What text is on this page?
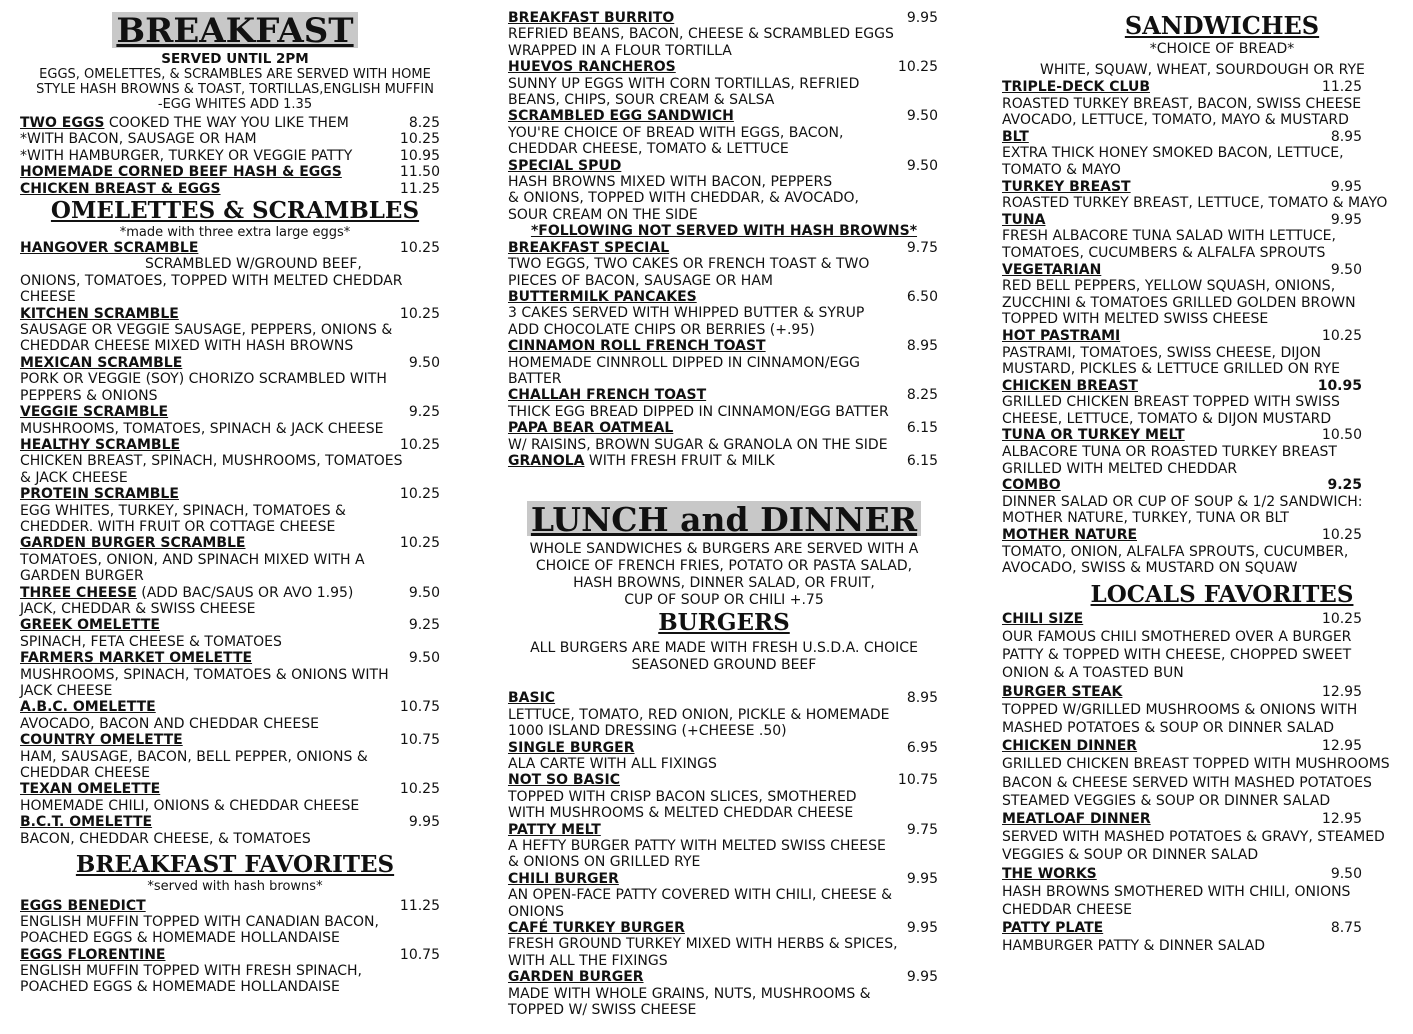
BREAKFAST

SERVED UNTIL 2PM

EGGS, OMELETTES, & SCRAMBLES ARE SERVED WITH HOME

STYLE HASH BROWNS & TOAST, TORTILLAS,ENGLISH MUFFIN

-EGG WHITES ADD 1.35

TWO EGGS COOKED THE WAY YOU LIKE THEM	8.25
*WITH BACON, SAUSAGE OR HAM	10.25
*WITH HAMBURGER, TURKEY OR VEGGIE PATTY	10.95
HOMEMADE CORNED BEEF HASH & EGGS	11.50
CHICKEN BREAST & EGGS	11.25
OMELETTES & SCRAMBLES

*made with three extra large eggs*

HANGOVER SCRAMBLE	10.25
SCRAMBLED W/GROUND BEEF,
ONIONS, TOMATOES, TOPPED WITH MELTED CHEDDAR
CHEESE
KITCHEN SCRAMBLE	10.25
SAUSAGE OR VEGGIE SAUSAGE, PEPPERS, ONIONS &
CHEDDAR CHEESE MIXED WITH HASH BROWNS
MEXICAN SCRAMBLE	9.50
PORK OR VEGGIE (SOY) CHORIZO SCRAMBLED WITH
PEPPERS & ONIONS
VEGGIE SCRAMBLE	9.25
MUSHROOMS, TOMATOES, SPINACH & JACK CHEESE
HEALTHY SCRAMBLE	10.25
CHICKEN BREAST, SPINACH, MUSHROOMS, TOMATOES
& JACK CHEESE
PROTEIN SCRAMBLE	10.25
EGG WHITES, TURKEY, SPINACH, TOMATOES &
CHEDDER. WITH FRUIT OR COTTAGE CHEESE
GARDEN BURGER SCRAMBLE	10.25
TOMATOES, ONION, AND SPINACH MIXED WITH A
GARDEN BURGER
THREE CHEESE (ADD BAC/SAUS OR AVO 1.95)	9.50
JACK, CHEDDAR & SWISS CHEESE
GREEK OMELETTE	9.25
SPINACH, FETA CHEESE & TOMATOES
FARMERS MARKET OMELETTE	9.50
MUSHROOMS, SPINACH, TOMATOES & ONIONS WITH
JACK CHEESE
A.B.C. OMELETTE	10.75
AVOCADO, BACON AND CHEDDAR CHEESE
COUNTRY OMELETTE	10.75
HAM, SAUSAGE, BACON, BELL PEPPER, ONIONS &
CHEDDAR CHEESE
TEXAN OMELETTE	10.25
HOMEMADE CHILI, ONIONS & CHEDDAR CHEESE
B.C.T. OMELETTE	9.95
BACON, CHEDDAR CHEESE, & TOMATOES
BREAKFAST FAVORITES

*served with hash browns*

EGGS BENEDICT	11.25
ENGLISH MUFFIN TOPPED WITH CANADIAN BACON,
POACHED EGGS & HOMEMADE HOLLANDAISE
EGGS FLORENTINE	10.75
ENGLISH MUFFIN TOPPED WITH FRESH SPINACH,
POACHED EGGS & HOMEMADE HOLLANDAISE
BREAKFAST BURRITO	9.95
REFRIED BEANS, BACON, CHEESE & SCRAMBLED EGGS
WRAPPED IN A FLOUR TORTILLA
HUEVOS RANCHEROS	10.25
SUNNY UP EGGS WITH CORN TORTILLAS, REFRIED
BEANS, CHIPS, SOUR CREAM & SALSA
SCRAMBLED EGG SANDWICH	9.50
YOU'RE CHOICE OF BREAD WITH EGGS, BACON,
CHEDDAR CHEESE, TOMATO & LETTUCE
SPECIAL SPUD	9.50
HASH BROWNS MIXED WITH BACON, PEPPERS
& ONIONS, TOPPED WITH CHEDDAR, & AVOCADO,
SOUR CREAM ON THE SIDE

*FOLLOWING NOT SERVED WITH HASH BROWNS*

BREAKFAST SPECIAL	9.75
TWO EGGS, TWO CAKES OR FRENCH TOAST & TWO
PIECES OF BACON, SAUSAGE OR HAM
BUTTERMILK PANCAKES	6.50
3 CAKES SERVED WITH WHIPPED BUTTER & SYRUP
ADD CHOCOLATE CHIPS OR BERRIES (+.95)
CINNAMON ROLL FRENCH TOAST	8.95
HOMEMADE CINNROLL DIPPED IN CINNAMON/EGG
BATTER
CHALLAH FRENCH TOAST	8.25
THICK EGG BREAD DIPPED IN CINNAMON/EGG BATTER
PAPA BEAR OATMEAL	6.15
W/ RAISINS, BROWN SUGAR & GRANOLA ON THE SIDE
GRANOLA WITH FRESH FRUIT & MILK	6.15
LUNCH and DINNER

WHOLE SANDWICHES & BURGERS ARE SERVED WITH A

CHOICE OF FRENCH FRIES, POTATO OR PASTA SALAD,

HASH BROWNS, DINNER SALAD, OR FRUIT,

CUP OF SOUP OR CHILI +.75

BURGERS

ALL BURGERS ARE MADE WITH FRESH U.S.D.A. CHOICE

SEASONED GROUND BEEF

BASIC	8.95
LETTUCE, TOMATO, RED ONION, PICKLE & HOMEMADE
1000 ISLAND DRESSING (+CHEESE .50)
SINGLE BURGER	6.95
ALA CARTE WITH ALL FIXINGS
NOT SO BASIC	10.75
TOPPED WITH CRISP BACON SLICES, SMOTHERED
WITH MUSHROOMS & MELTED CHEDDAR CHEESE
PATTY MELT	9.75
A HEFTY BURGER PATTY WITH MELTED SWISS CHEESE
& ONIONS ON GRILLED RYE
CHILI BURGER	9.95
AN OPEN-FACE PATTY COVERED WITH CHILI, CHEESE &
ONIONS
CAFÉ TURKEY BURGER	9.95
FRESH GROUND TURKEY MIXED WITH HERBS & SPICES,
WITH ALL THE FIXINGS
GARDEN BURGER	9.95
MADE WITH WHOLE GRAINS, NUTS, MUSHROOMS &
TOPPED W/ SWISS CHEESE
SANDWICHES

*CHOICE OF BREAD*

WHITE, SQUAW, WHEAT, SOURDOUGH OR RYE

TRIPLE-DECK CLUB	11.25
ROASTED TURKEY BREAST, BACON, SWISS CHEESE
AVOCADO, LETTUCE, TOMATO, MAYO & MUSTARD
BLT	8.95
EXTRA THICK HONEY SMOKED BACON, LETTUCE,
TOMATO & MAYO
TURKEY BREAST	9.95
ROASTED TURKEY BREAST, LETTUCE, TOMATO & MAYO
TUNA	9.95
FRESH ALBACORE TUNA SALAD WITH LETTUCE,
TOMATOES, CUCUMBERS & ALFALFA SPROUTS
VEGETARIAN	9.50
RED BELL PEPPERS, YELLOW SQUASH, ONIONS,
ZUCCHINI & TOMATOES GRILLED GOLDEN BROWN
TOPPED WITH MELTED SWISS CHEESE
HOT PASTRAMI	10.25
PASTRAMI, TOMATOES, SWISS CHEESE, DIJON
MUSTARD, PICKLES & LETTUCE GRILLED ON RYE
CHICKEN BREAST	10.95
GRILLED CHICKEN BREAST TOPPED WITH SWISS
CHEESE, LETTUCE, TOMATO & DIJON MUSTARD
TUNA OR TURKEY MELT	10.50
ALBACORE TUNA OR ROASTED TURKEY BREAST
GRILLED WITH MELTED CHEDDAR
COMBO	9.25
DINNER SALAD OR CUP OF SOUP & 1/2 SANDWICH:
MOTHER NATURE, TURKEY, TUNA OR BLT
MOTHER NATURE	10.25
TOMATO, ONION, ALFALFA SPROUTS, CUCUMBER,
AVOCADO, SWISS & MUSTARD ON SQUAW
LOCALS FAVORITES
CHILI SIZE	10.25
OUR FAMOUS CHILI SMOTHERED OVER A BURGER
PATTY & TOPPED WITH CHEESE, CHOPPED SWEET
ONION & A TOASTED BUN
BURGER STEAK	12.95
TOPPED W/GRILLED MUSHROOMS & ONIONS WITH
MASHED POTATOES & SOUP OR DINNER SALAD
CHICKEN DINNER	12.95
GRILLED CHICKEN BREAST TOPPED WITH MUSHROOMS
BACON & CHEESE SERVED WITH MASHED POTATOES
STEAMED VEGGIES & SOUP OR DINNER SALAD
MEATLOAF DINNER	12.95
SERVED WITH MASHED POTATOES & GRAVY, STEAMED
VEGGIES & SOUP OR DINNER SALAD
THE WORKS	9.50
HASH BROWNS SMOTHERED WITH CHILI, ONIONS
CHEDDAR CHEESE
PATTY PLATE	8.75
HAMBURGER PATTY & DINNER SALAD
